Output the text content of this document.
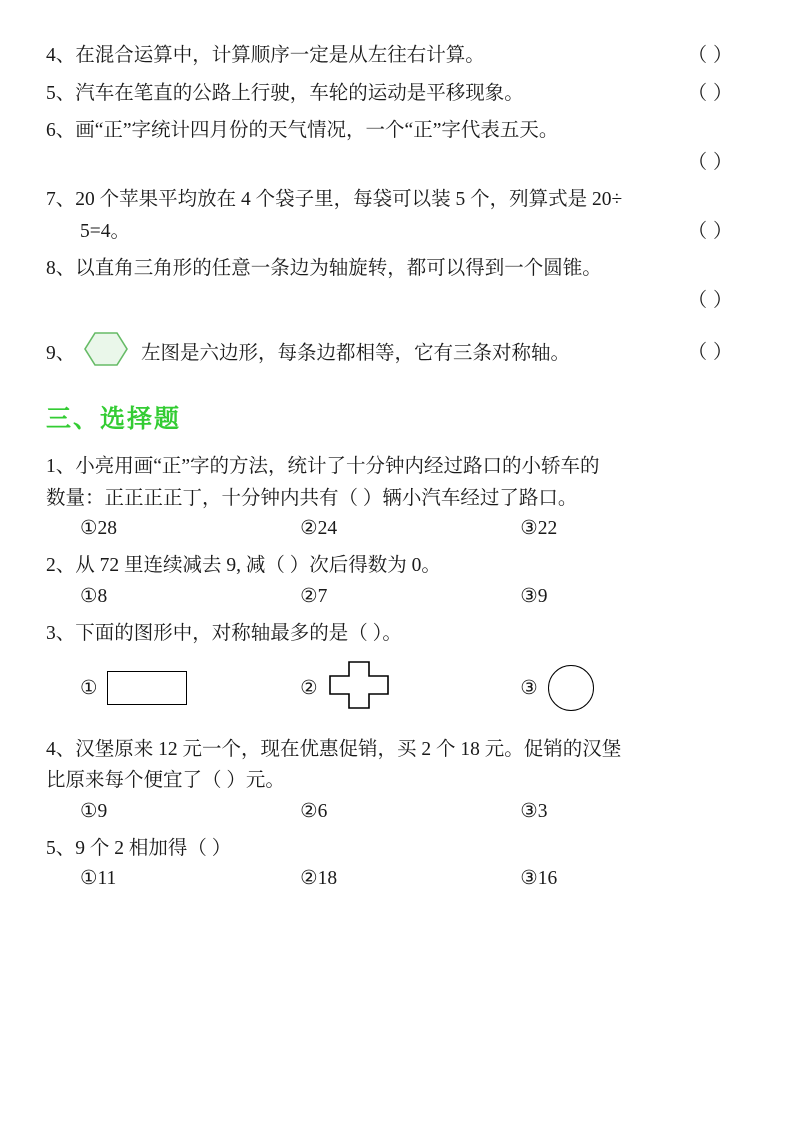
4、在混合运算中，计算顺序一定是从左往右计算。	（ ）
5、汽车在笔直的公路上行驶，车轮的运动是平移现象。	（ ）
6、画“正”字统计四月份的天气情况，一个“正”字代表五天。
（ ）
7、20 个苹果平均放在 4 个袋子里，每袋可以装 5 个，列算式是 20÷
5=4。	（ ）
8、以直角三角形的任意一条边为轴旋转，都可以得到一个圆锥。
（ ）
9、	左图是六边形，每条边都相等，它有三条对称轴。	（ ）
三、选择题
1、小亮用画“正”字的方法，统计了十分钟内经过路口的小轿车的
数量：正正正正丁，十分钟内共有（ ）辆小汽车经过了路口。
①28	②24	③22
2、从 72 里连续减去 9, 减（ ）次后得数为 0。
①8	②7	③9
3、下面的图形中，对称轴最多的是（ ）。
①	②	③
4、汉堡原来 12 元一个，现在优惠促销，买 2 个 18 元。促销的汉堡
比原来每个便宜了（ ）元。
①9	②6	③3
5、9 个 2 相加得（ ）
①11	②18	③16
